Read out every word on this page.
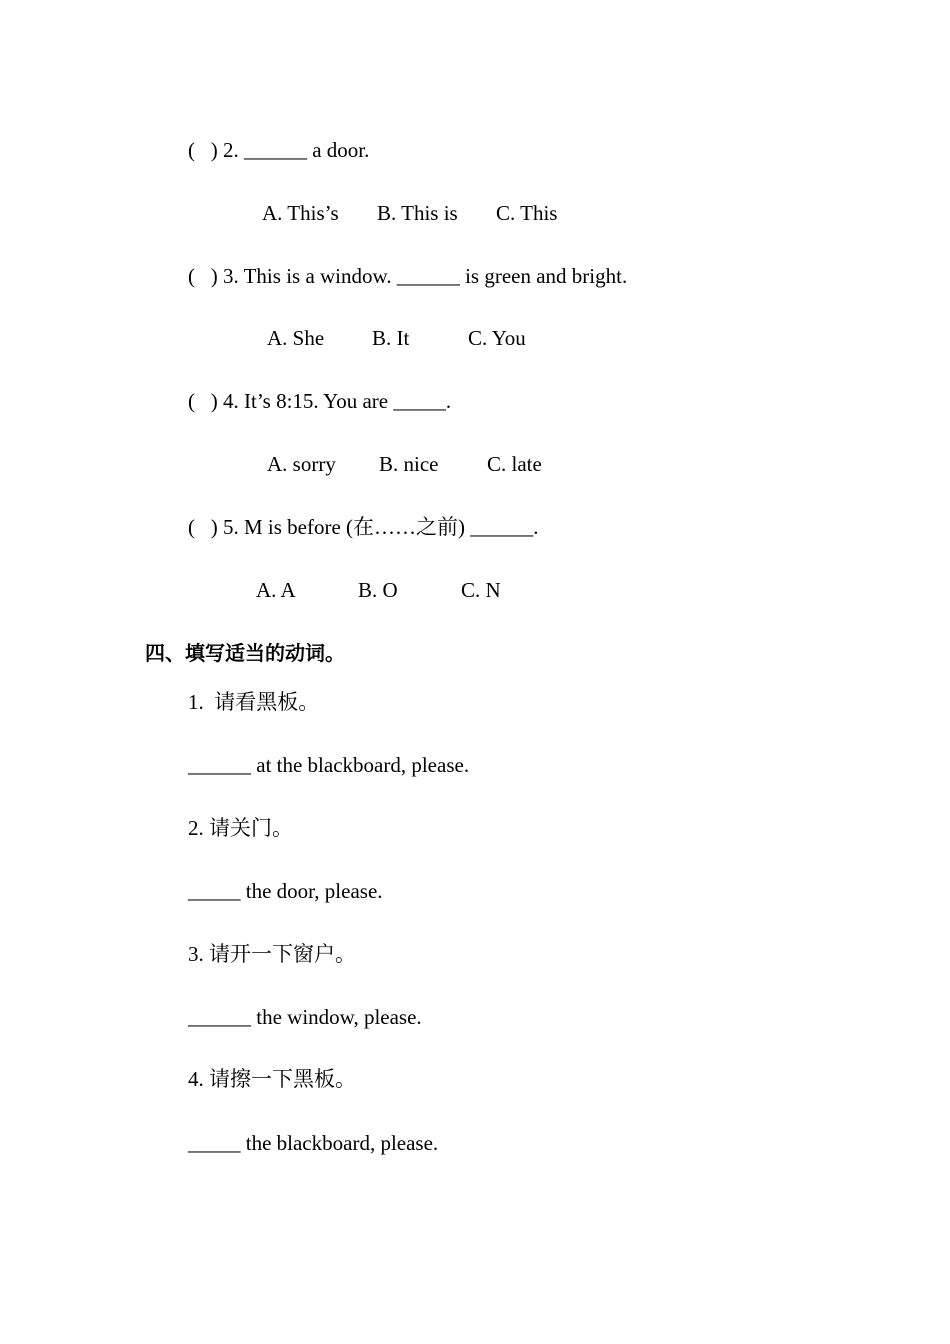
(   ) 2. ______ a door.
A. This’s B. This is C. This
(   ) 3. This is a window. ______ is green and bright.
A. She B. It	C. You
(   ) 4. It’s 8:15. You are _____.
A. sorry B. nice C. late
(   ) 5. M is before (在……之前) ______.
A. A	B. O	C. N
四、填写适当的动词。
1.  请看黑板。
______ at the blackboard, please.
2. 请关门。
_____ the door, please.
3. 请开一下窗户。
______ the window, please.
4. 请擦一下黑板。
_____ the blackboard, please.
